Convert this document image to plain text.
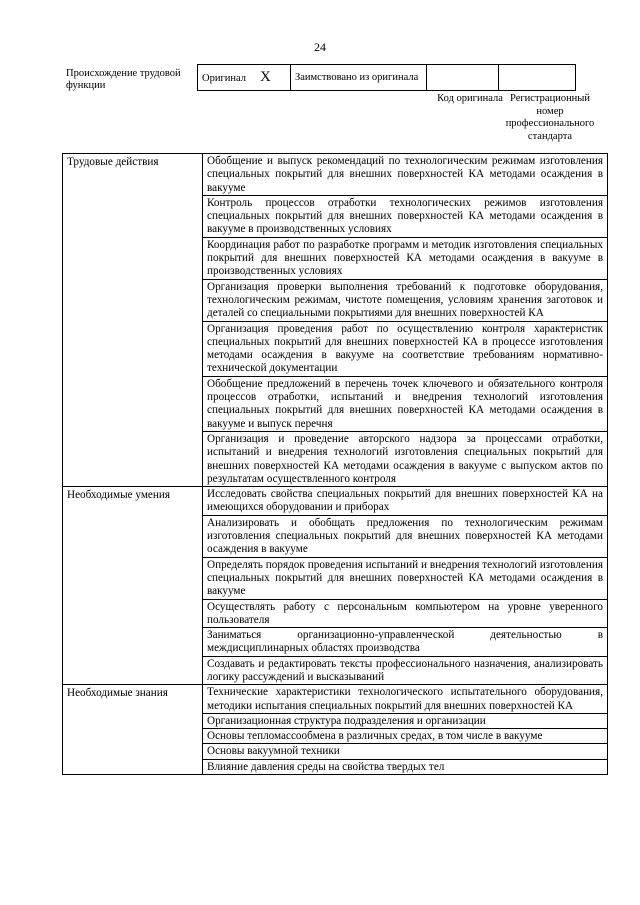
24
Происхождение трудовой функции
Оригинал X	Заимствовано из оригинала		
Код оригинала Регистрационный номер профессионального стандарта
Трудовые действия	Обобщение и выпуск рекомендаций по технологическим режимам изготовления специальных покрытий для внешних поверхностей КА методами осаждения в вакууме
	Контроль процессов отработки технологических режимов изготовления специальных покрытий для внешних поверхностей КА методами осаждения в вакууме в производственных условиях
	Координация работ по разработке программ и методик изготовления специальных покрытий для внешних поверхностей КА методами осаждения в вакууме в производственных условиях
	Организация проверки выполнения требований к подготовке оборудования, технологическим режимам, чистоте помещения, условиям хранения заготовок и деталей со специальными покрытиями для внешних поверхностей КА
	Организация проведения работ по осуществлению контроля характеристик специальных покрытий для внешних поверхностей КА в процессе изготовления методами осаждения в вакууме на соответствие требованиям нормативно-технической документации
	Обобщение предложений в перечень точек ключевого и обязательного контроля процессов отработки, испытаний и внедрения технологий изготовления специальных покрытий для внешних поверхностей КА методами осаждения в вакууме и выпуск перечня
	Организация и проведение авторского надзора за процессами отработки, испытаний и внедрения технологий изготовления специальных покрытий для внешних поверхностей КА методами осаждения в вакууме с выпуском актов по результатам осуществленного контроля
Необходимые умения	Исследовать свойства специальных покрытий для внешних поверхностей КА на имеющихся оборудовании и приборах
	Анализировать и обобщать предложения по технологическим режимам изготовления специальных покрытий для внешних поверхностей КА методами осаждения в вакууме
	Определять порядок проведения испытаний и внедрения технологий изготовления специальных покрытий для внешних поверхностей КА методами осаждения в вакууме
	Осуществлять работу с персональным компьютером на уровне уверенного пользователя
	Заниматься организационно-управленческой деятельностью в междисциплинарных областях производства
	Создавать и редактировать тексты профессионального назначения, анализировать логику рассуждений и высказываний
Необходимые знания	Технические характеристики технологического испытательного оборудования, методики испытания специальных покрытий для внешних поверхностей КА
	Организационная структура подразделения и организации
	Основы тепломассообмена в различных средах, в том числе в вакууме
	Основы вакуумной техники
	Влияние давления среды на свойства твердых тел
